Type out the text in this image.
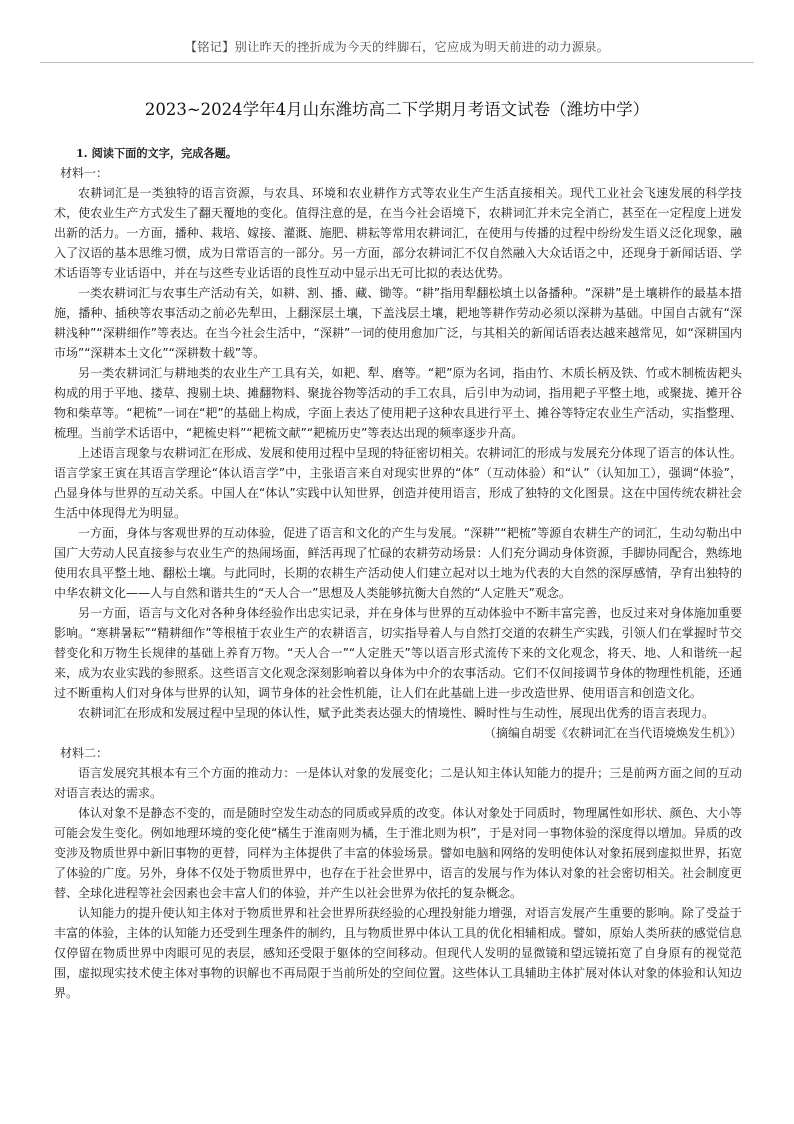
【铭记】别让昨天的挫折成为今天的绊脚石，它应成为明天前进的动力源泉。
2023~2024学年4月山东潍坊高二下学期月考语文试卷（潍坊中学）
1. 阅读下面的文字，完成各题。
材料一：

农耕词汇是一类独特的语言资源，与农具、环境和农业耕作方式等农业生产生活直接相关。现代工业社会飞速发展的科学技术，使农业生产方式发生了翻天覆地的变化。值得注意的是，在当今社会语境下，农耕词汇并未完全消亡，甚至在一定程度上迸发出新的活力。一方面，播种、栽培、嫁接、灌溉、施肥、耕耘等常用农耕词汇，在使用与传播的过程中纷纷发生语义泛化现象，融入了汉语的基本思维习惯，成为日常语言的一部分。另一方面，部分农耕词汇不仅自然融入大众话语之中，还现身于新闻话语、学术话语等专业话语中，并在与这些专业话语的良性互动中显示出无可比拟的表达优势。

一类农耕词汇与农事生产活动有关，如耕、割、播、藏、锄等。“耕”指用犁翻松填土以备播种。“深耕”是土壤耕作的最基本措施，播种、插秧等农事活动之前必先犁田，上翻深层土壤，下盖浅层土壤，耙地等耕作劳动必须以深耕为基础。中国自古就有“深耕浅种”“深耕细作”等表达。在当今社会生活中，“深耕”一词的使用愈加广泛，与其相关的新闻话语表达越来越常见，如“深耕国内市场”“深耕本土文化”“深耕数十载”等。

另一类农耕词汇与耕地类的农业生产工具有关，如耙、犁、磨等。“耙”原为名词，指由竹、木质长柄及铁、竹或木制梳齿耙头构成的用于平地、搂草、搜剔土块、摊翻物料、聚拢谷物等活动的手工农具，后引申为动词，指用耙子平整土地，或聚拢、摊开谷物和柴草等。“耙梳”一词在“耙”的基础上构成，字面上表达了使用耙子这种农具进行平土、摊谷等特定农业生产活动，实指整理、梳理。当前学术话语中，“耙梳史料”“耙梳文献”“耙梳历史”等表达出现的频率逐步升高。

上述语言现象与农耕词汇在形成、发展和使用过程中呈现的特征密切相关。农耕词汇的形成与发展充分体现了语言的体认性。语言学家王寅在其语言学理论“体认语言学”中，主张语言来自对现实世界的“体”（互动体验）和“认”（认知加工），强调“体验”，凸显身体与世界的互动关系。中国人在“体认”实践中认知世界，创造并使用语言，形成了独特的文化图景。这在中国传统农耕社会生活中体现得尤为明显。

一方面，身体与客观世界的互动体验，促进了语言和文化的产生与发展。“深耕”“耙梳”等源自农耕生产的词汇，生动勾勒出中国广大劳动人民直接参与农业生产的热闹场面，鲜活再现了忙碌的农耕劳动场景：人们充分调动身体资源，手脚协同配合，熟练地使用农具平整土地、翻松土壤。与此同时，长期的农耕生产活动使人们建立起对以土地为代表的大自然的深厚感情，孕育出独特的中华农耕文化——人与自然和谐共生的“天人合一”思想及人类能够抗衡大自然的“人定胜天”观念。

另一方面，语言与文化对各种身体经验作出忠实记录，并在身体与世界的互动体验中不断丰富完善，也反过来对身体施加重要影响。“寒耕暑耘”“精耕细作”等根植于农业生产的农耕语言，切实指导着人与自然打交道的农耕生产实践，引领人们在掌握时节交替变化和万物生长规律的基础上养育万物。“天人合一”“人定胜天”等以语言形式流传下来的文化观念，将天、地、人和谐统一起来，成为农业实践的参照系。这些语言文化观念深刻影响着以身体为中介的农事活动。它们不仅间接调节身体的物理性机能，还通过不断重构人们对身体与世界的认知，调节身体的社会性机能，让人们在此基础上进一步改造世界、使用语言和创造文化。

农耕词汇在形成和发展过程中呈现的体认性，赋予此类表达强大的情境性、瞬时性与生动性，展现出优秀的语言表现力。

（摘编自胡雯《农耕词汇在当代语境焕发生机》）

材料二：

语言发展究其根本有三个方面的推动力：一是体认对象的发展变化；二是认知主体认知能力的提升；三是前两方面之间的互动对语言表达的需求。

体认对象不是静态不变的，而是随时空发生动态的同质或异质的改变。体认对象处于同质时，物理属性如形状、颜色、大小等可能会发生变化。例如地理环境的变化使“橘生于淮南则为橘，生于淮北则为枳”，于是对同一事物体验的深度得以增加。异质的改变涉及物质世界中新旧事物的更替，同样为主体提供了丰富的体验场景。譬如电脑和网络的发明使体认对象拓展到虚拟世界，拓宽了体验的广度。另外，身体不仅处于物质世界中，也存在于社会世界中，语言的发展与作为体认对象的社会密切相关。社会制度更替、全球化进程等社会因素也会丰富人们的体验，并产生以社会世界为依托的复杂概念。

认知能力的提升使认知主体对于物质世界和社会世界所获经验的心理投射能力增强，对语言发展产生重要的影响。除了受益于丰富的体验，主体的认知能力还受到生理条件的制约，且与物质世界中体认工具的优化相辅相成。譬如，原始人类所获的感觉信息仅停留在物质世界中肉眼可见的表层，感知还受限于躯体的空间移动。但现代人发明的显微镜和望远镜拓宽了自身原有的视觉范围，虚拟现实技术使主体对事物的识解也不再局限于当前所处的空间位置。这些体认工具辅助主体扩展对体认对象的体验和认知边界。
